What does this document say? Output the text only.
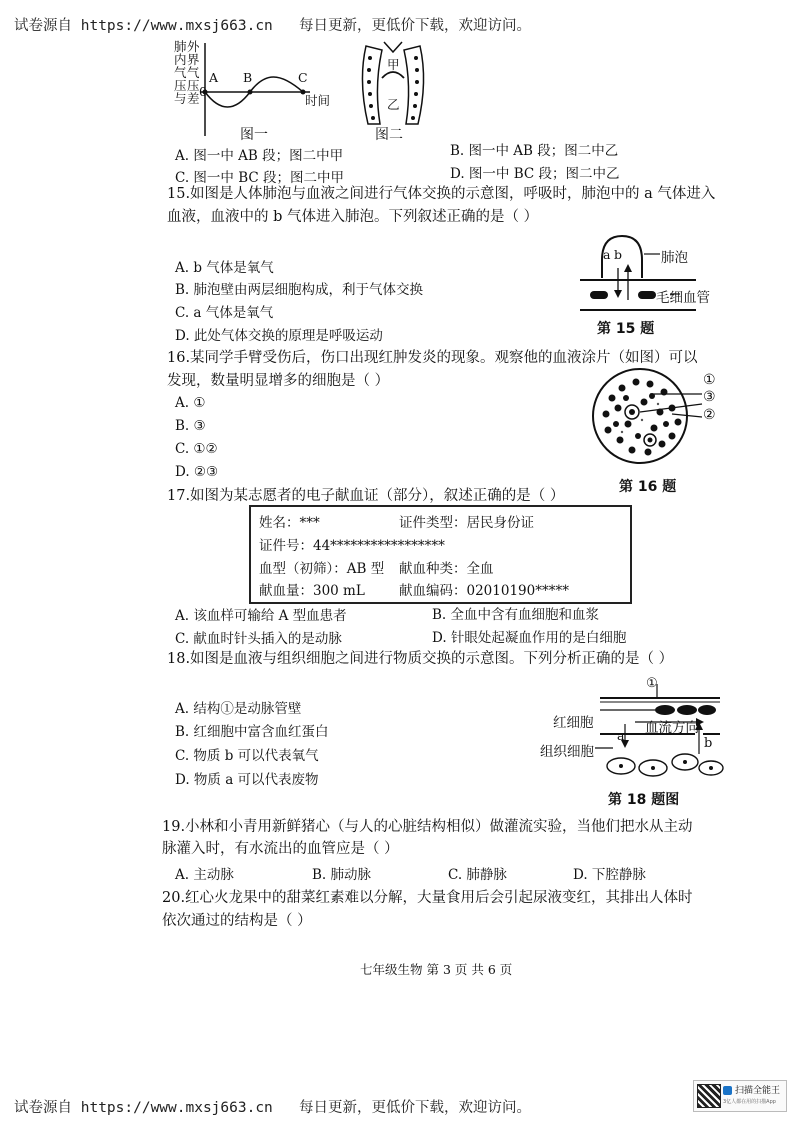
试卷源自 https://www.mxsj663.cn 每日更新，更低价下载，欢迎访问。
肺内气压与
外界气压差 0
A B	C
时间
图一
甲
乙
图二
A. 图一中 AB 段；图二中甲	B. 图一中 AB 段；图二中乙
C. 图一中 BC 段；图二中甲	D. 图一中 BC 段；图二中乙
15.如图是人体肺泡与血液之间进行气体交换的示意图，呼吸时，肺泡中的 a 气体进入
血液，血液中的 b 气体进入肺泡。下列叙述正确的是（ ）
A. b 气体是氧气
B. 肺泡壁由两层细胞构成，利于气体交换
C. a 气体是氧气
D. 此处气体交换的原理是呼吸运动
a b	肺泡
毛细血管
第 15 题
16.某同学手臂受伤后，伤口出现红肿发炎的现象。观察他的血液涂片（如图）可以
发现，数量明显增多的细胞是（ ）
A. ①
B. ③
C. ①②
D. ②③
①
③
②
第 16 题
17.如图为某志愿者的电子献血证（部分），叙述正确的是（ ）
姓名：***	证件类型：居民身份证
证件号：44*****************
血型（初筛）：AB 型 献血种类：全血
献血量：300 mL	献血编码：02010190*****
A. 该血样可输给 A 型血患者	B. 全血中含有血细胞和血浆
C. 献血时针头插入的是动脉	D. 针眼处起凝血作用的是白细胞
18.如图是血液与组织细胞之间进行物质交换的示意图。下列分析正确的是（ ）
A. 结构①是动脉管壁
B. 红细胞中富含血红蛋白
C. 物质 b 可以代表氧气
D. 物质 a 可以代表废物
①
红细胞	血流方向
组织细胞
a
b
第 18 题图
19.小林和小青用新鲜猪心（与人的心脏结构相似）做灌流实验，当他们把水从主动
脉灌入时，有水流出的血管应是（ ）
A. 主动脉	B. 肺动脉	C. 肺静脉	D. 下腔静脉
20.红心火龙果中的甜菜红素难以分解，大量食用后会引起尿液变红，其排出人体时
依次通过的结构是（ ）
七年级生物 第 3 页 共 6 页
试卷源自 https://www.mxsj663.cn 每日更新，更低价下载，欢迎访问。
扫描全能王
3亿人都在用的扫描App
